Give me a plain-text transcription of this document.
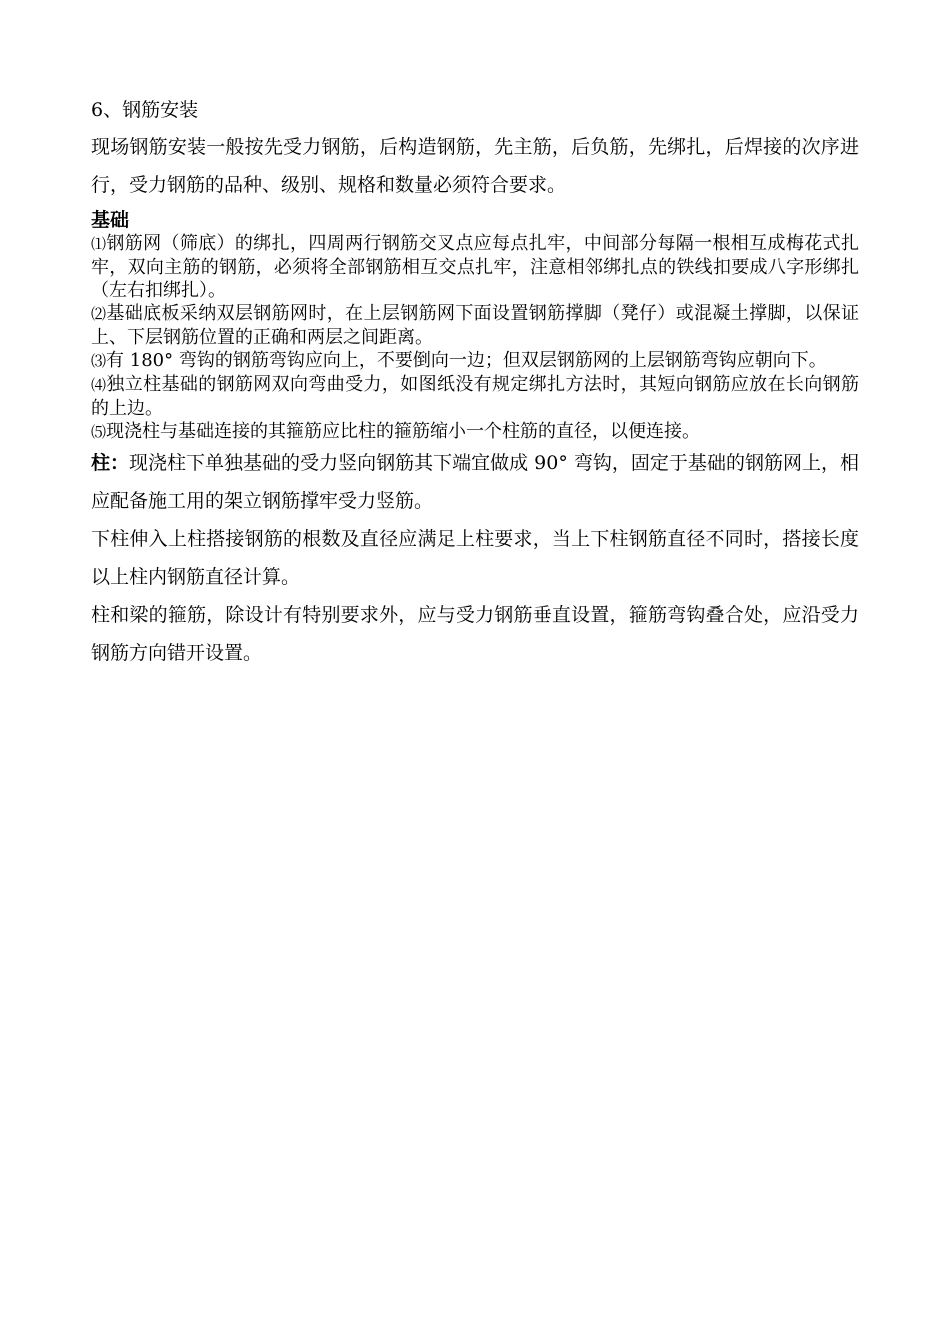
6、钢筋安装

现场钢筋安装一般按先受力钢筋，后构造钢筋，先主筋，后负筋，先绑扎，后焊接的次序进行，受力钢筋的品种、级别、规格和数量必须符合要求。

基础

⑴钢筋网（筛底）的绑扎，四周两行钢筋交叉点应每点扎牢，中间部分每隔一根相互成梅花式扎牢，双向主筋的钢筋，必须将全部钢筋相互交点扎牢，注意相邻绑扎点的铁线扣要成八字形绑扎（左右扣绑扎）。

⑵基础底板采纳双层钢筋网时，在上层钢筋网下面设置钢筋撑脚（凳仔）或混凝土撑脚，以保证上、下层钢筋位置的正确和两层之间距离。

⑶有 180° 弯钩的钢筋弯钩应向上，不要倒向一边；但双层钢筋网的上层钢筋弯钩应朝向下。

⑷独立柱基础的钢筋网双向弯曲受力，如图纸没有规定绑扎方法时，其短向钢筋应放在长向钢筋的上边。

⑸现浇柱与基础连接的其箍筋应比柱的箍筋缩小一个柱筋的直径，以便连接。

柱：现浇柱下单独基础的受力竖向钢筋其下端宜做成 90° 弯钩，固定于基础的钢筋网上，相应配备施工用的架立钢筋撑牢受力竖筋。

下柱伸入上柱搭接钢筋的根数及直径应满足上柱要求，当上下柱钢筋直径不同时，搭接长度以上柱内钢筋直径计算。

柱和梁的箍筋，除设计有特别要求外，应与受力钢筋垂直设置，箍筋弯钩叠合处，应沿受力钢筋方向错开设置。
